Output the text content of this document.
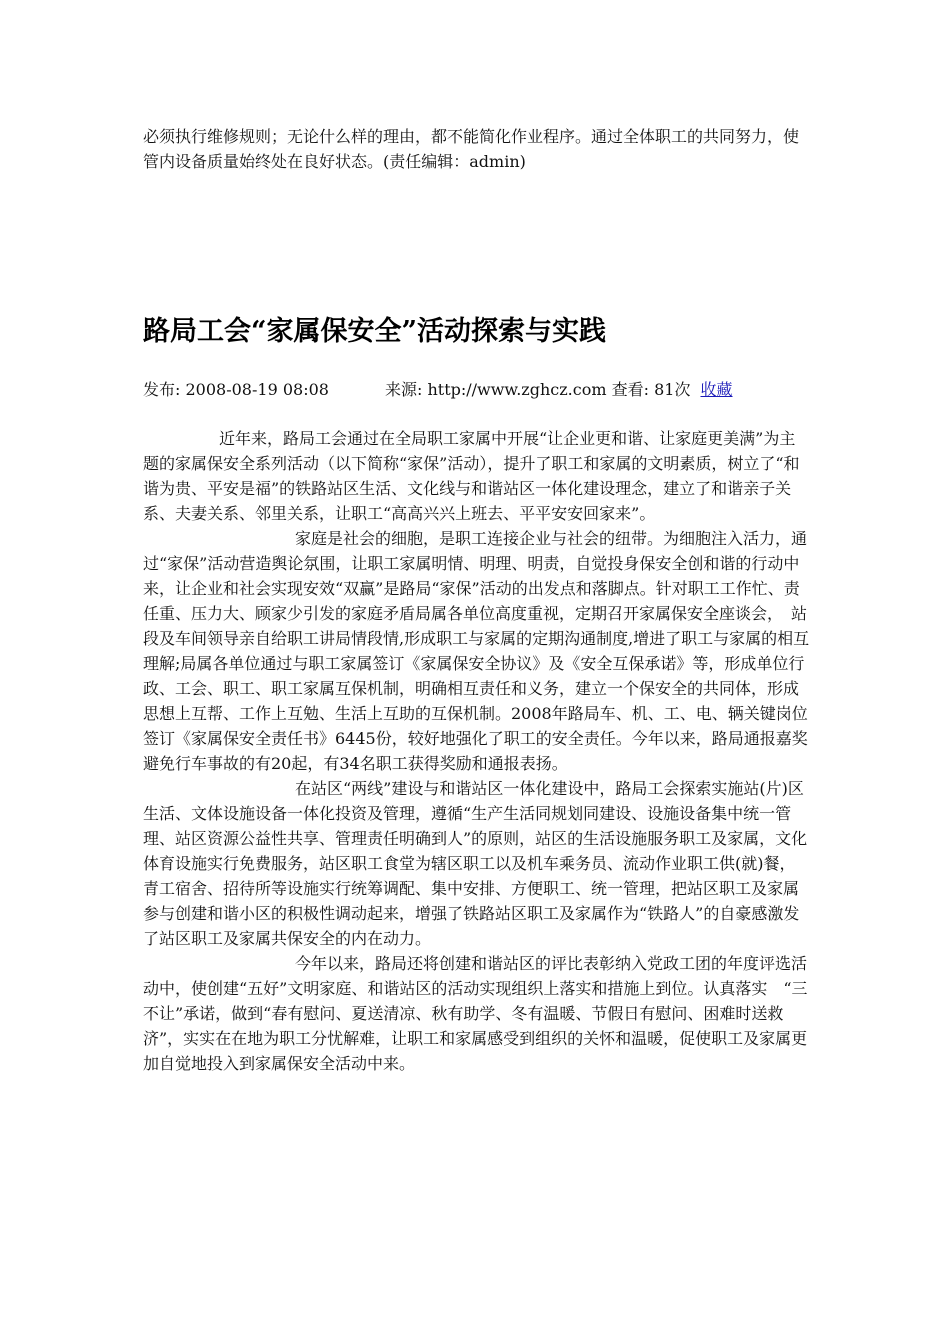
必须执行维修规则；无论什么样的理由，都不能简化作业程序。通过全体职工的共同努力，使管内设备质量始终处在良好状态。(责任编辑：admin)
路局工会“家属保安全”活动探索与实践
发布: 2008-08-19 08:08	来源: http://www.zghcz.com 查看: 81次 收藏

近年来，路局工会通过在全局职工家属中开展“让企业更和谐、让家庭更美满”为主题的家属保安全系列活动（以下简称“家保”活动），提升了职工和家属的文明素质，树立了“和谐为贵、平安是福”的铁路站区生活、文化线与和谐站区一体化建设理念，建立了和谐亲子关系、夫妻关系、邻里关系，让职工“高高兴兴上班去、平平安安回家来”。

家庭是社会的细胞，是职工连接企业与社会的纽带。为细胞注入活力，通过“家保”活动营造舆论氛围，让职工家属明情、明理、明责，自觉投身保安全创和谐的行动中来，让企业和社会实现安效“双赢”是路局“家保”活动的出发点和落脚点。针对职工工作忙、责任重、压力大、顾家少引发的家庭矛盾局属各单位高度重视，定期召开家属保安全座谈会，　站段及车间领导亲自给职工讲局情段情,形成职工与家属的定期沟通制度,增进了职工与家属的相互理解;局属各单位通过与职工家属签订《家属保安全协议》及《安全互保承诺》等，形成单位行政、工会、职工、职工家属互保机制，明确相互责任和义务，建立一个保安全的共同体，形成思想上互帮、工作上互勉、生活上互助的互保机制。2008年路局车、机、工、电、辆关键岗位签订《家属保安全责任书》6445份，较好地强化了职工的安全责任。今年以来，路局通报嘉奖避免行车事故的有20起，有34名职工获得奖励和通报表扬。

在站区“两线”建设与和谐站区一体化建设中，路局工会探索实施站(片)区生活、文体设施设备一体化投资及管理，遵循“生产生活同规划同建设、设施设备集中统一管理、站区资源公益性共享、管理责任明确到人”的原则，站区的生活设施服务职工及家属，文化体育设施实行免费服务，站区职工食堂为辖区职工以及机车乘务员、流动作业职工供(就)餐，青工宿舍、招待所等设施实行统筹调配、集中安排、方便职工、统一管理，把站区职工及家属参与创建和谐小区的积极性调动起来，增强了铁路站区职工及家属作为“铁路人”的自豪感激发了站区职工及家属共保安全的内在动力。

今年以来，路局还将创建和谐站区的评比表彰纳入党政工团的年度评选活动中，使创建“五好”文明家庭、和谐站区的活动实现组织上落实和措施上到位。认真落实　“三不让”承诺，做到“春有慰问、夏送清凉、秋有助学、冬有温暖、节假日有慰问、困难时送救济”，实实在在地为职工分忧解难，让职工和家属感受到组织的关怀和温暖，促使职工及家属更加自觉地投入到家属保安全活动中来。
